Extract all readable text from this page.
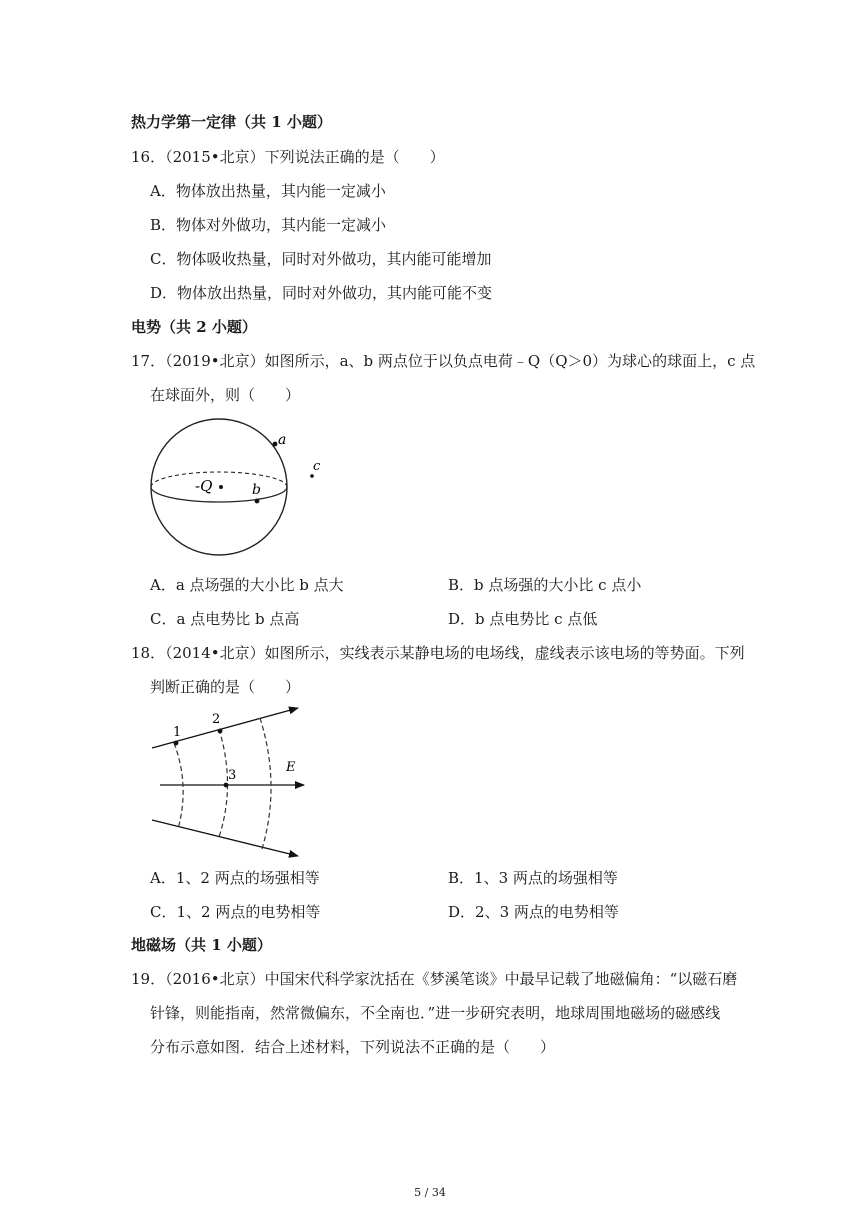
热力学第一定律（共 1 小题）
16．（2015•北京）下列说法正确的是（　　）
A．物体放出热量，其内能一定减小
B．物体对外做功，其内能一定减小
C．物体吸收热量，同时对外做功，其内能可能增加
D．物体放出热量，同时对外做功，其内能可能不变
电势（共 2 小题）
17．（2019•北京）如图所示，a、b 两点位于以负点电荷﹣Q（Q＞0）为球心的球面上，c 点
在球面外，则（　　）
-Q
a
b
c
A．a 点场强的大小比 b 点大	B．b 点场强的大小比 c 点小
C．a 点电势比 b 点高	D．b 点电势比 c 点低
18．（2014•北京）如图所示，实线表示某静电场的电场线，虚线表示该电场的等势面。下列
判断正确的是（　　）
1
2
3
E
A．1、2 两点的场强相等	B．1、3 两点的场强相等
C．1、2 两点的电势相等	D．2、3 两点的电势相等
地磁场（共 1 小题）
19．（2016•北京）中国宋代科学家沈括在《梦溪笔谈》中最早记载了地磁偏角：“以磁石磨
针锋，则能指南，然常微偏东，不全南也．”进一步研究表明，地球周围地磁场的磁感线
分布示意如图．结合上述材料，下列说法不正确的是（　　）
5 / 34
